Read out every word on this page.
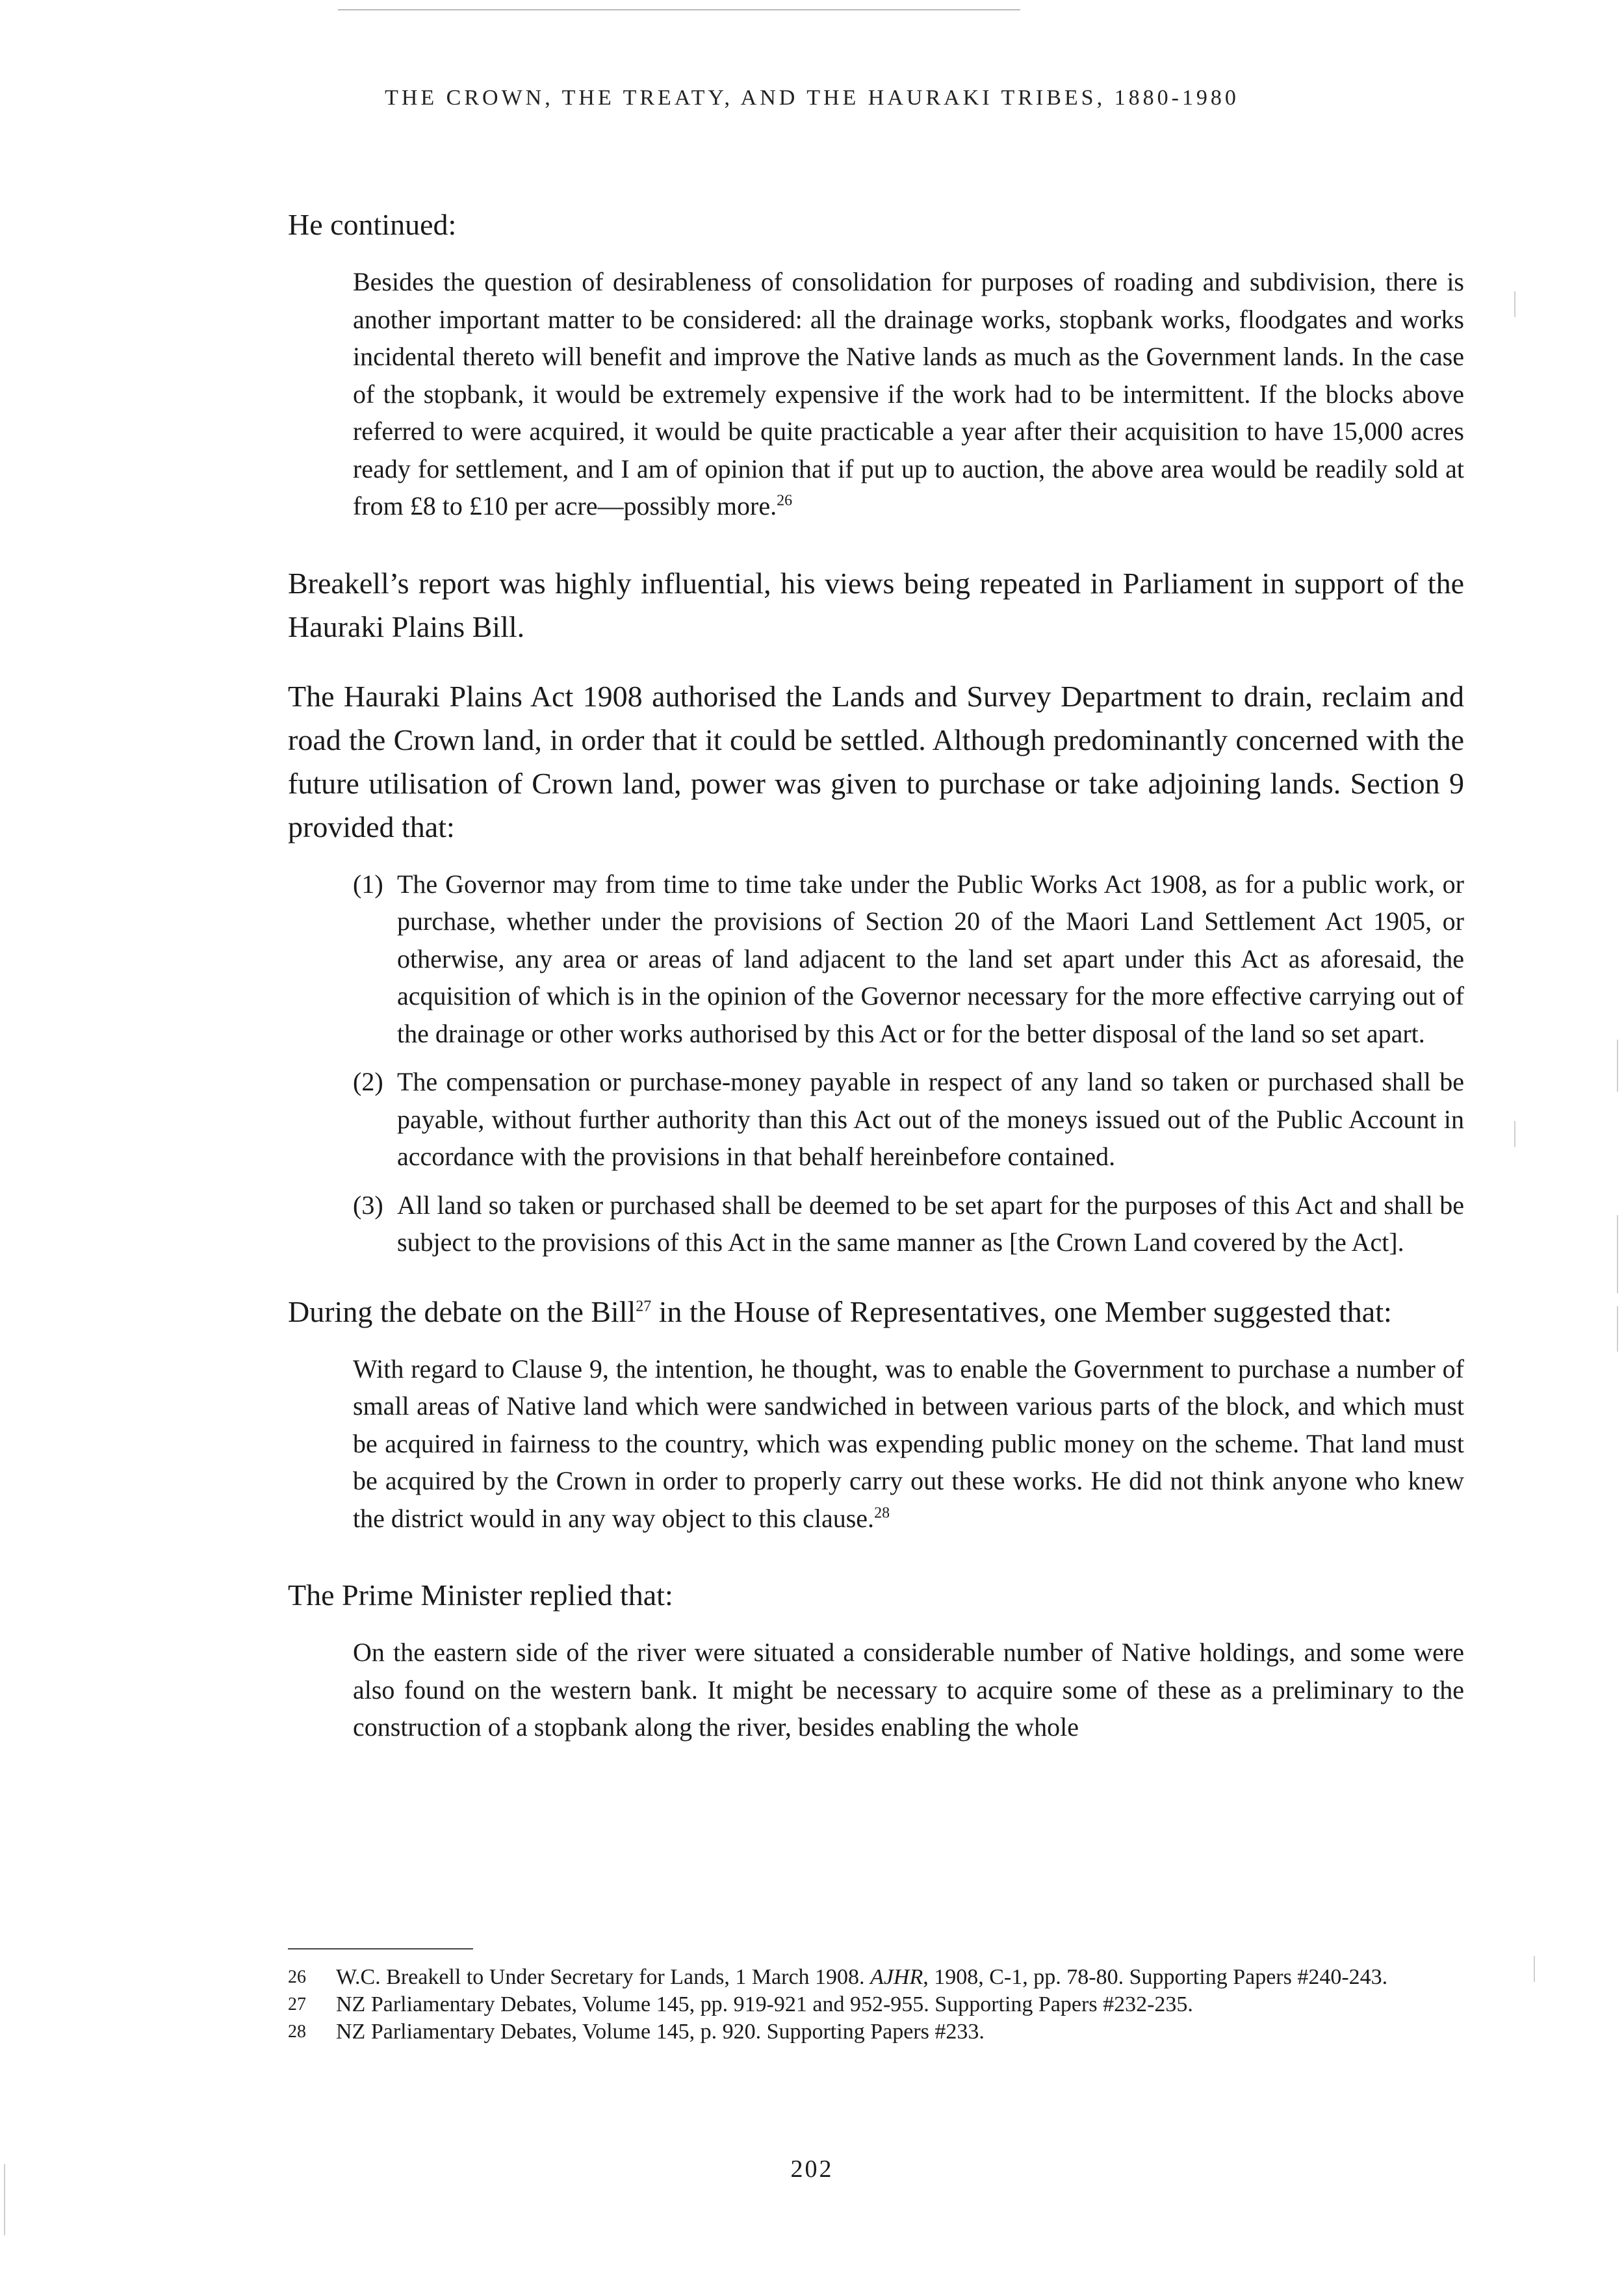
THE CROWN, THE TREATY, AND THE HAURAKI TRIBES, 1880-1980

He continued:

Besides the question of desirableness of consolidation for purposes of roading and subdivision, there is another important matter to be considered: all the drainage works, stopbank works, floodgates and works incidental thereto will benefit and improve the Native lands as much as the Government lands. In the case of the stopbank, it would be extremely expensive if the work had to be intermittent. If the blocks above referred to were acquired, it would be quite practicable a year after their acquisition to have 15,000 acres ready for settlement, and I am of opinion that if put up to auction, the above area would be readily sold at from £8 to £10 per acre—possibly more.$^{26}$

Breakell’s report was highly influential, his views being repeated in Parliament in support of the Hauraki Plains Bill.

The Hauraki Plains Act 1908 authorised the Lands and Survey Department to drain, reclaim and road the Crown land, in order that it could be settled. Although predominantly concerned with the future utilisation of Crown land, power was given to purchase or take adjoining lands. Section 9 provided that:

(1) The Governor may from time to time take under the Public Works Act 1908, as for a public work, or purchase, whether under the provisions of Section 20 of the Maori Land Settlement Act 1905, or otherwise, any area or areas of land adjacent to the land set apart under this Act as aforesaid, the acquisition of which is in the opinion of the Governor necessary for the more effective carrying out of the drainage or other works authorised by this Act or for the better disposal of the land so set apart.
(2) The compensation or purchase-money payable in respect of any land so taken or purchased shall be payable, without further authority than this Act out of the moneys issued out of the Public Account in accordance with the provisions in that behalf hereinbefore contained.
(3) All land so taken or purchased shall be deemed to be set apart for the purposes of this Act and shall be subject to the provisions of this Act in the same manner as [the Crown Land covered by the Act].

During the debate on the Bill$^{27}$ in the House of Representatives, one Member suggested that:

With regard to Clause 9, the intention, he thought, was to enable the Government to purchase a number of small areas of Native land which were sandwiched in between various parts of the block, and which must be acquired in fairness to the country, which was expending public money on the scheme. That land must be acquired by the Crown in order to properly carry out these works. He did not think anyone who knew the district would in any way object to this clause.$^{28}$

The Prime Minister replied that:

On the eastern side of the river were situated a considerable number of Native holdings, and some were also found on the western bank. It might be necessary to acquire some of these as a preliminary to the construction of a stopbank along the river, besides enabling the whole

26	W.C. Breakell to Under Secretary for Lands, 1 March 1908. AJHR, 1908, C-1, pp. 78-80. Supporting Papers #240-243.
27	NZ Parliamentary Debates, Volume 145, pp. 919-921 and 952-955. Supporting Papers #232-235.
28	NZ Parliamentary Debates, Volume 145, p. 920. Supporting Papers #233.
202
